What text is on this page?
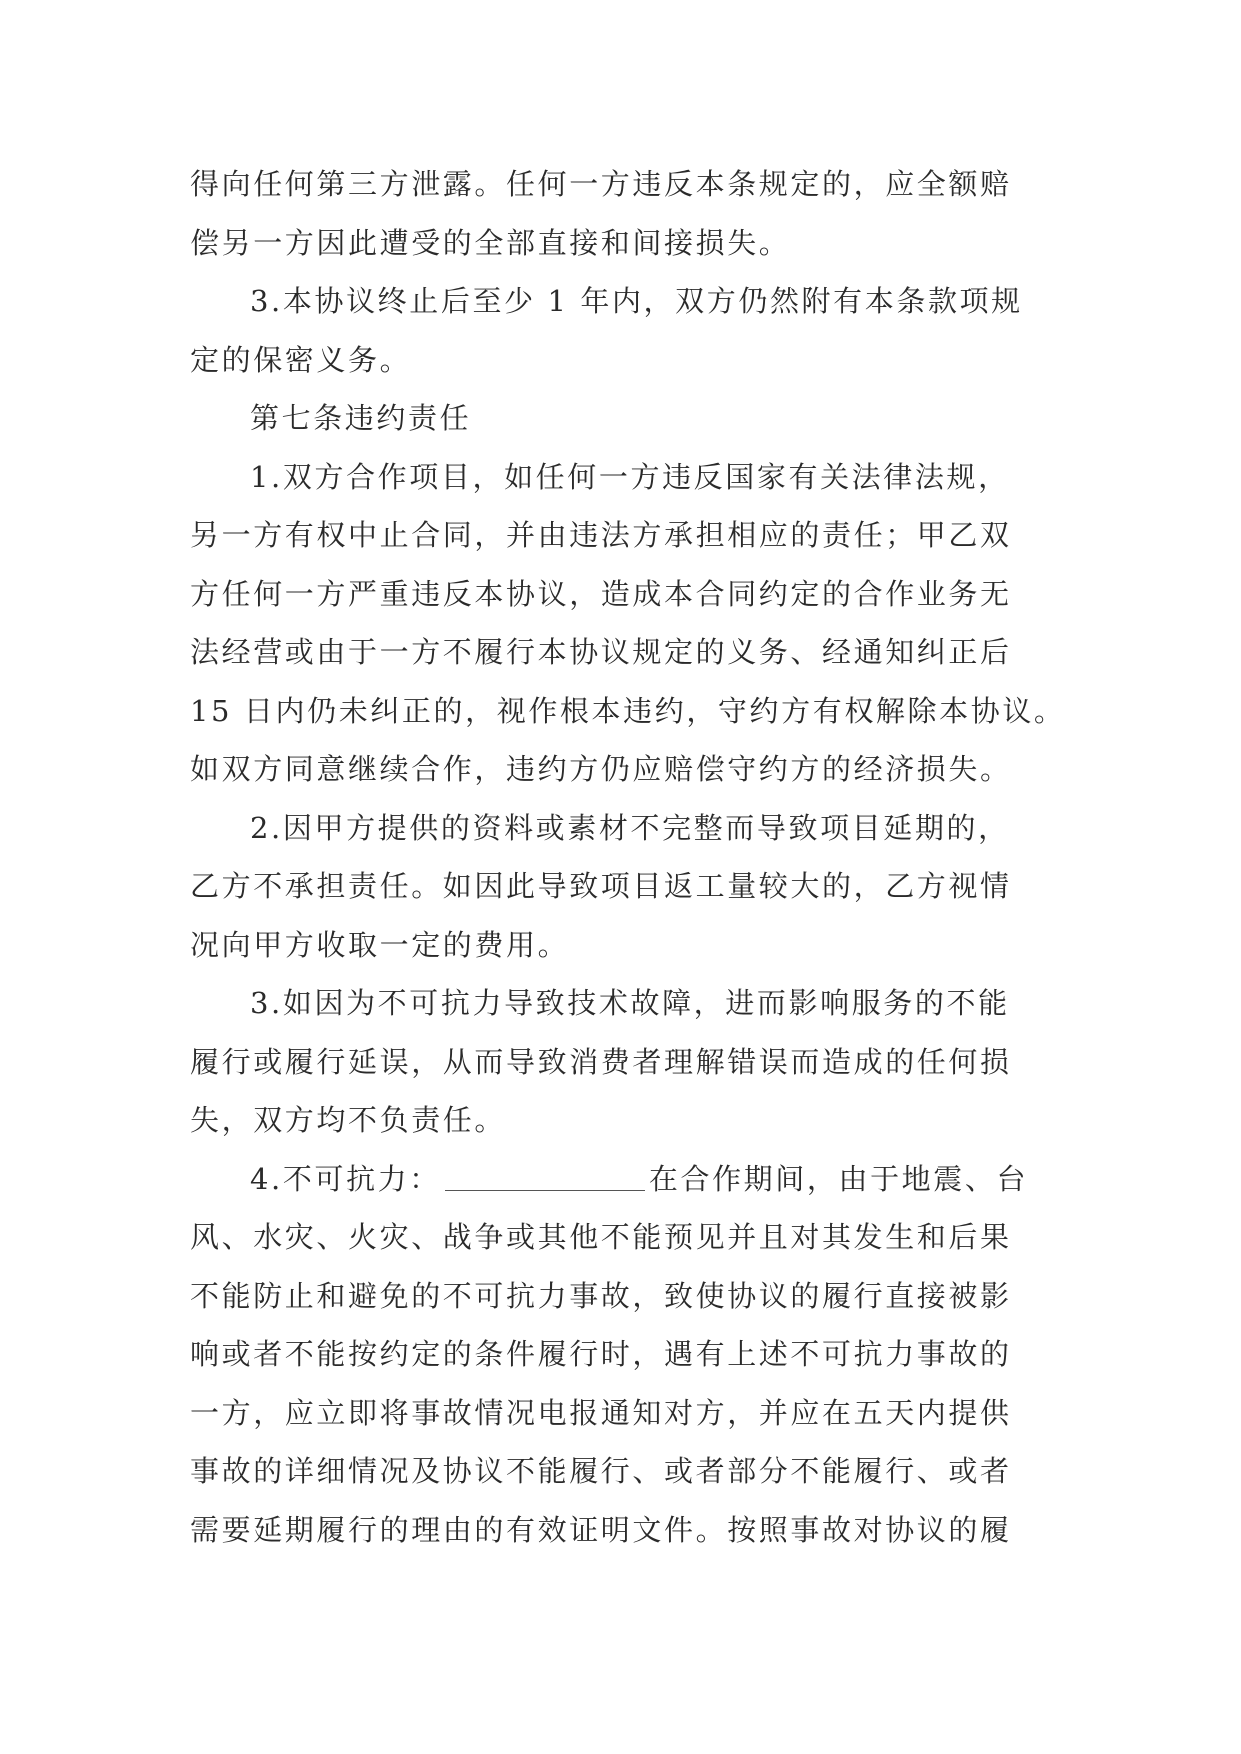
得向任何第三方泄露。任何一方违反本条规定的，应全额赔
偿另一方因此遭受的全部直接和间接损失。
3.本协议终止后至少 1 年内，双方仍然附有本条款项规
定的保密义务。
第七条违约责任
1.双方合作项目，如任何一方违反国家有关法律法规，
另一方有权中止合同，并由违法方承担相应的责任；甲乙双
方任何一方严重违反本协议，造成本合同约定的合作业务无
法经营或由于一方不履行本协议规定的义务、经通知纠正后
15 日内仍未纠正的，视作根本违约，守约方有权解除本协议。
如双方同意继续合作，违约方仍应赔偿守约方的经济损失。
2.因甲方提供的资料或素材不完整而导致项目延期的，
乙方不承担责任。如因此导致项目返工量较大的，乙方视情
况向甲方收取一定的费用。
3.如因为不可抗力导致技术故障，进而影响服务的不能
履行或履行延误，从而导致消费者理解错误而造成的任何损
失，双方均不负责任。
4.不可抗力：	在合作期间，由于地震、台
风、水灾、火灾、战争或其他不能预见并且对其发生和后果
不能防止和避免的不可抗力事故，致使协议的履行直接被影
响或者不能按约定的条件履行时，遇有上述不可抗力事故的
一方，应立即将事故情况电报通知对方，并应在五天内提供
事故的详细情况及协议不能履行、或者部分不能履行、或者
需要延期履行的理由的有效证明文件。按照事故对协议的履
